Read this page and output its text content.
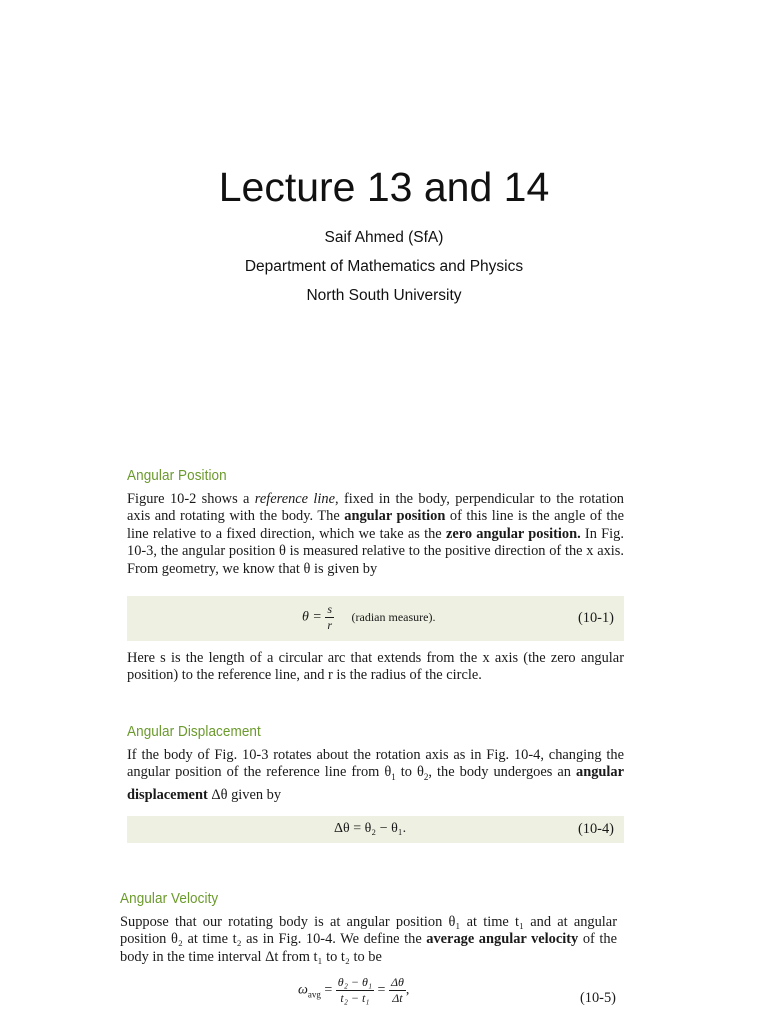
Lecture 13 and 14
Saif Ahmed (SfA)
Department of Mathematics and Physics
North South University
Angular Position
Figure 10-2 shows a reference line, fixed in the body, perpendicular to the rotation axis and rotating with the body. The angular position of this line is the angle of the line relative to a fixed direction, which we take as the zero angular position. In Fig. 10-3, the angular position θ is measured relative to the positive direction of the x axis. From geometry, we know that θ is given by
$\theta = \frac{s}{r}$ (radian measure).	(10-1)
Here s is the length of a circular arc that extends from the x axis (the zero angular position) to the reference line, and r is the radius of the circle.
Angular Displacement
If the body of Fig. 10-3 rotates about the rotation axis as in Fig. 10-4, changing the angular position of the reference line from $\theta_1$ to $\theta_2$, the body undergoes an angular displacement Δθ given by
Δθ = θ₂ − θ₁.	(10-4)
Angular Velocity
Suppose that our rotating body is at angular position θ₁ at time t₁ and at angular position θ₂ at time t₂ as in Fig. 10-4. We define the average angular velocity of the body in the time interval Δt from t₁ to t₂ to be
$\omega_{avg} = \frac{\text{θ₂ − θ₁}}{\text{t₂ − t₁}} = \frac{\Delta\theta}{\Delta t}$ ,	(10-5)
